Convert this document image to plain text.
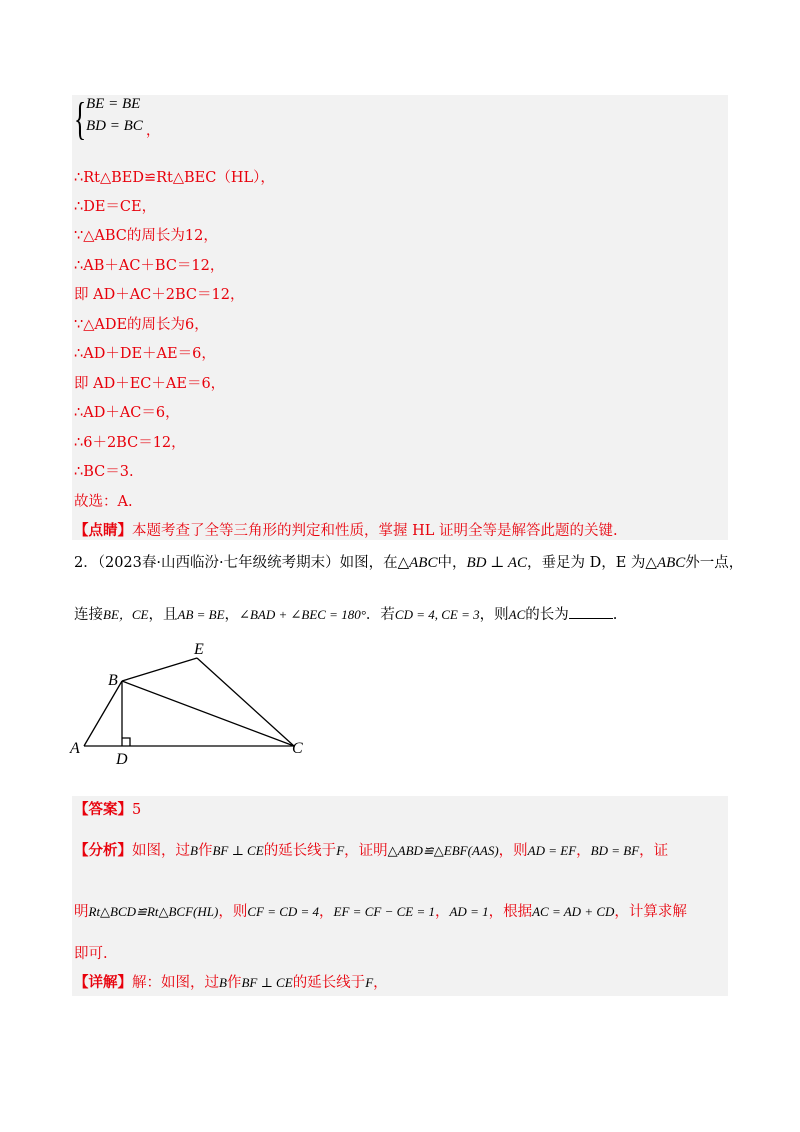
{ BE = BE
BD = BC ，
∴Rt△BED≌Rt△BEC（HL），
∴DE＝CE，
∵△ABC的周长为12，
∴AB＋AC＋BC＝12，
即 AD＋AC＋2BC＝12，
∵△ADE的周长为6，
∴AD＋DE＋AE＝6，
即 AD＋EC＋AE＝6，
∴AD＋AC＝6，
∴6＋2BC＝12，
∴BC＝3.
故选：A.
【点睛】本题考查了全等三角形的判定和性质，掌握 HL 证明全等是解答此题的关键.
2．（2023春·山西临汾·七年级统考期末）如图，在△ABC中，BD ⊥ AC，垂足为 D，E 为△ABC外一点，
连接BE，CE，且AB = BE，∠BAD + ∠BEC = 180°．若CD = 4, CE = 3，则AC的长为	.
A
B
C
D
E
【答案】5
【分析】如图，过B作BF ⊥ CE的延长线于F，证明△ABD≌△EBF(AAS)，则AD = EF，BD = BF，证
明Rt△BCD≌Rt△BCF(HL)，则CF = CD = 4，EF = CF − CE = 1，AD = 1，根据AC = AD + CD，计算求解
即可.
【详解】解：如图，过B作BF ⊥ CE的延长线于F，
